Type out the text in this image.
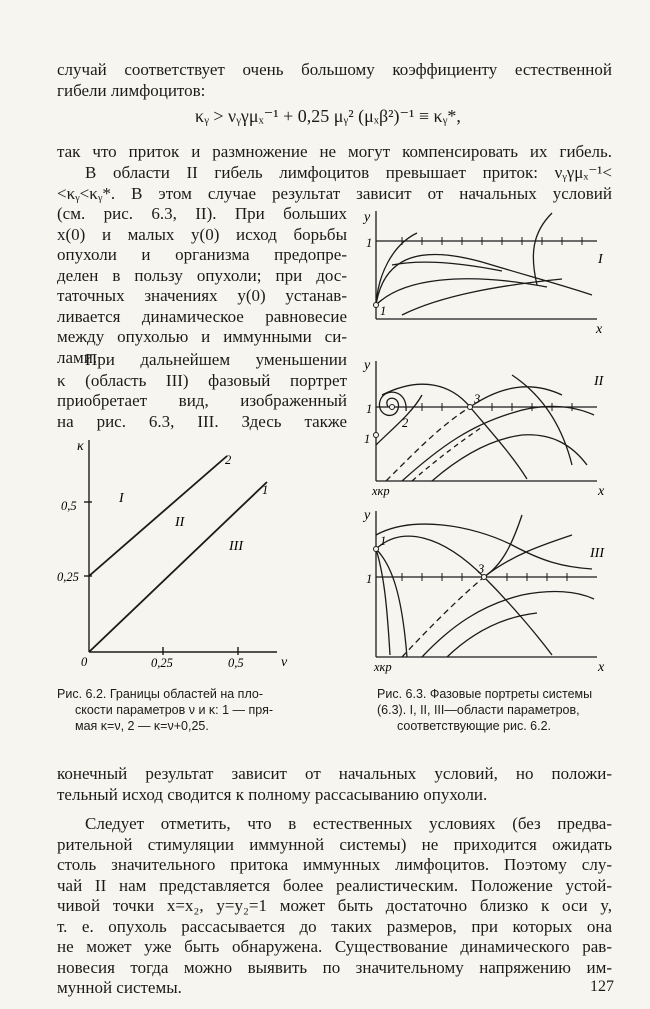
случай соответствует очень большому коэффициенту естественной
гибели лимфоцитов:
κᵧ > νᵧγμₓ⁻¹ + 0,25 μᵧ² (μₓβ²)⁻¹ ≡ κᵧ*,
так что приток и размножение не могут компенсировать их гибель.
В области II гибель лимфоцитов превышает приток: νᵧγμₓ⁻¹<
<κᵧ<κᵧ*. В этом случае результат зависит от начальных условий
(см. рис. 6.3, II). При больших
x(0) и малых y(0) исход борьбы
опухоли и организма предопре-
делен в пользу опухоли; при дос-
таточных значениях y(0) устанав-
ливается динамическое равновесие
между опухолью и иммунными си-
лами.
При дальнейшем уменьшении
κ (область III) фазовый портрет
приобретает вид, изображенный
на рис. 6.3, III. Здесь также
κ
ν
0
0,5
0,25
0,25	0,5
2
1
I
II
III
Рис. 6.2. Границы областей на пло-
скости параметров ν и κ: 1 — пря-
мая κ=ν, 2 — κ=ν+0,25.
y
x
1
1
I
y
x
1
xкр
1
2
3
II
y
x
1
xкр
1
3
III
Рис. 6.3. Фазовые портреты системы
(6.3). I, II, III—области параметров,
соответствующие рис. 6.2.
конечный результат зависит от начальных условий, но положи-
тельный исход сводится к полному рассасыванию опухоли.
Следует отметить, что в естественных условиях (без предва-
рительной стимуляции иммунной системы) не приходится ожидать
столь значительного притока иммунных лимфоцитов. Поэтому слу-
чай II нам представляется более реалистическим. Положение устой-
чивой точки x=x₂, y=y₂=1 может быть достаточно близко к оси y,
т. е. опухоль рассасывается до таких размеров, при которых она
не может уже быть обнаружена. Существование динамического рав-
новесия тогда можно выявить по значительному напряжению им-
мунной системы.	127
